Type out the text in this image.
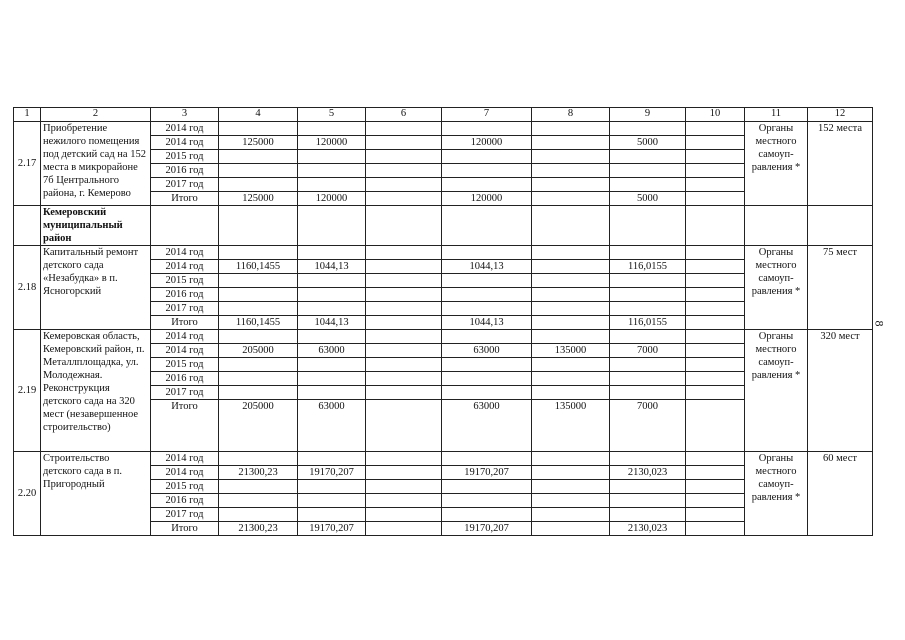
1	2	3	4	5	6	7	8	9	10	11	12
2.17	Приобретение нежилого помещения под детский сад на 152 места в микрорайоне 7б Центрального района, г. Кемерово	2014 год								Органы местного самоуп-равления *	152 места
		2014 год	125000	120000		120000		5000			
		2015 год									
		2016 год									
		2017 год									
		Итого	125000	120000		120000		5000			
	Кемеровский муниципальный район										
2.18	Капитальный ремонт детского сада «Незабудка» в п. Ясногорский	2014 год								Органы местного самоуп-равления *	75 мест
		2014 год	1160,1455	1044,13		1044,13		116,0155			
		2015 год									
		2016 год									
		2017 год									
		Итого	1160,1455	1044,13		1044,13		116,0155			
2.19	Кемеровская область, Кемеровский район, п. Металлплощадка, ул. Молодежная. Реконструкция детского сада на 320 мест (незавершенное строительство)	2014 год								Органы местного самоуп-равления *	320 мест
		2014 год	205000	63000		63000	135000	7000			
		2015 год									
		2016 год									
		2017 год									
		Итого	205000	63000		63000	135000	7000			
2.20	Строительство детского сада в п. Пригородный	2014 год								Органы местного самоуп-равления *	60 мест
		2014 год	21300,23	19170,207		19170,207		2130,023			
		2015 год									
		2016 год									
		2017 год									
		Итого	21300,23	19170,207		19170,207		2130,023			
8
